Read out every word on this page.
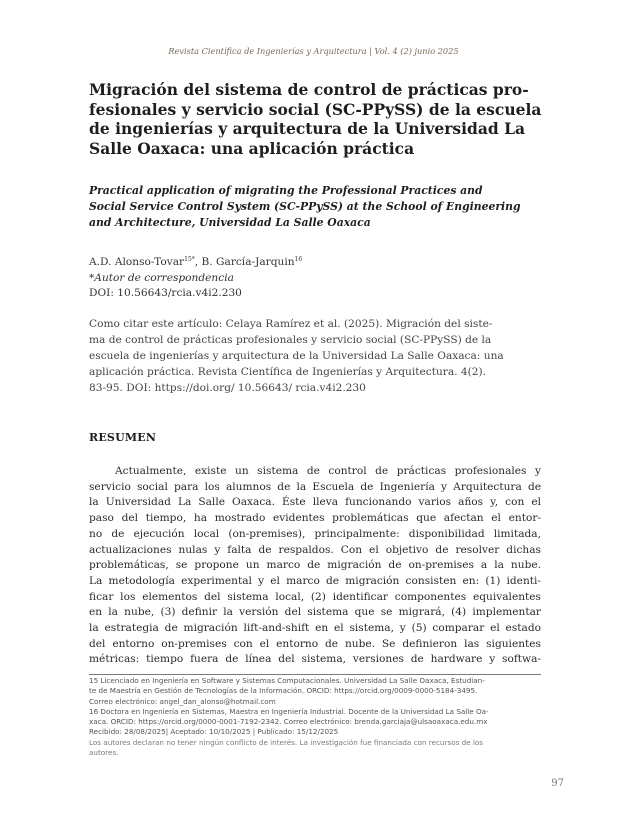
Revista Científica de Ingenierías y Arquitectura | Vol. 4 (2) junio 2025
Migración del sistema de control de prácticas pro-
fesionales y servicio social (SC-PPySS) de la escuela
de ingenierías y arquitectura de la Universidad La
Salle Oaxaca: una aplicación práctica
Practical application of migrating the Professional Practices and
Social Service Control System (SC-PPySS) at the School of Engineering
and Architecture, Universidad La Salle Oaxaca
A.D. Alonso-Tovar$^{15*}$, B. García-Jarquin$^{16}$
*Autor de correspondencia
DOI: 10.56643/rcia.v4i2.230
Como citar este artículo: Celaya Ramírez et al. (2025). Migración del siste-
ma de control de prácticas profesionales y servicio social (SC-PPySS) de la
escuela de ingenierías y arquitectura de la Universidad La Salle Oaxaca: una
aplicación práctica. Revista Científica de Ingenierías y Arquitectura. 4(2).
83-95. DOI: https://doi.org/ 10.56643/ rcia.v4i2.230
RESUMEN
Actualmente, existe un sistema de control de prácticas profesionales y
servicio social para los alumnos de la Escuela de Ingeniería y Arquitectura de
la Universidad La Salle Oaxaca. Éste lleva funcionando varios años y, con el
paso del tiempo, ha mostrado evidentes problemáticas que afectan el entor-
no de ejecución local (on-premises), principalmente: disponibilidad limitada,
actualizaciones nulas y falta de respaldos. Con el objetivo de resolver dichas
problemáticas, se propone un marco de migración de on-premises a la nube.
La metodología experimental y el marco de migración consisten en: (1) identi-
ficar los elementos del sistema local, (2) identificar componentes equivalentes
en la nube, (3) definir la versión del sistema que se migrará, (4) implementar
la estrategia de migración lift-and-shift en el sistema, y (5) comparar el estado
del entorno on-premises con el entorno de nube. Se definieron las siguientes
métricas: tiempo fuera de línea del sistema, versiones de hardware y softwa-
15 Licenciado en Ingeniería en Software y Sistemas Computacionales. Universidad La Salle Oaxaca, Estudian-
te de Maestría en Gestión de Tecnologías de la Información. ORCID: https://orcid.org/0009-0000-5184-3495.
Correo electrónico: angel_dan_alonso@hotmail.com
16 Doctora en Ingeniería en Sistemas, Maestra en Ingeniería Industrial. Docente de la Universidad La Salle Oa-
xaca. ORCID: https://orcid.org/0000-0001-7192-2342. Correo electrónico: brenda.garciaja@ulsaoaxaca.edu.mx
Recibido: 28/08/2025| Aceptado: 10/10/2025 | Publicado: 15/12/2025
Los autores declaran no tener ningún conflicto de interés. La investigación fue financiada con recursos de los
autores.
97
